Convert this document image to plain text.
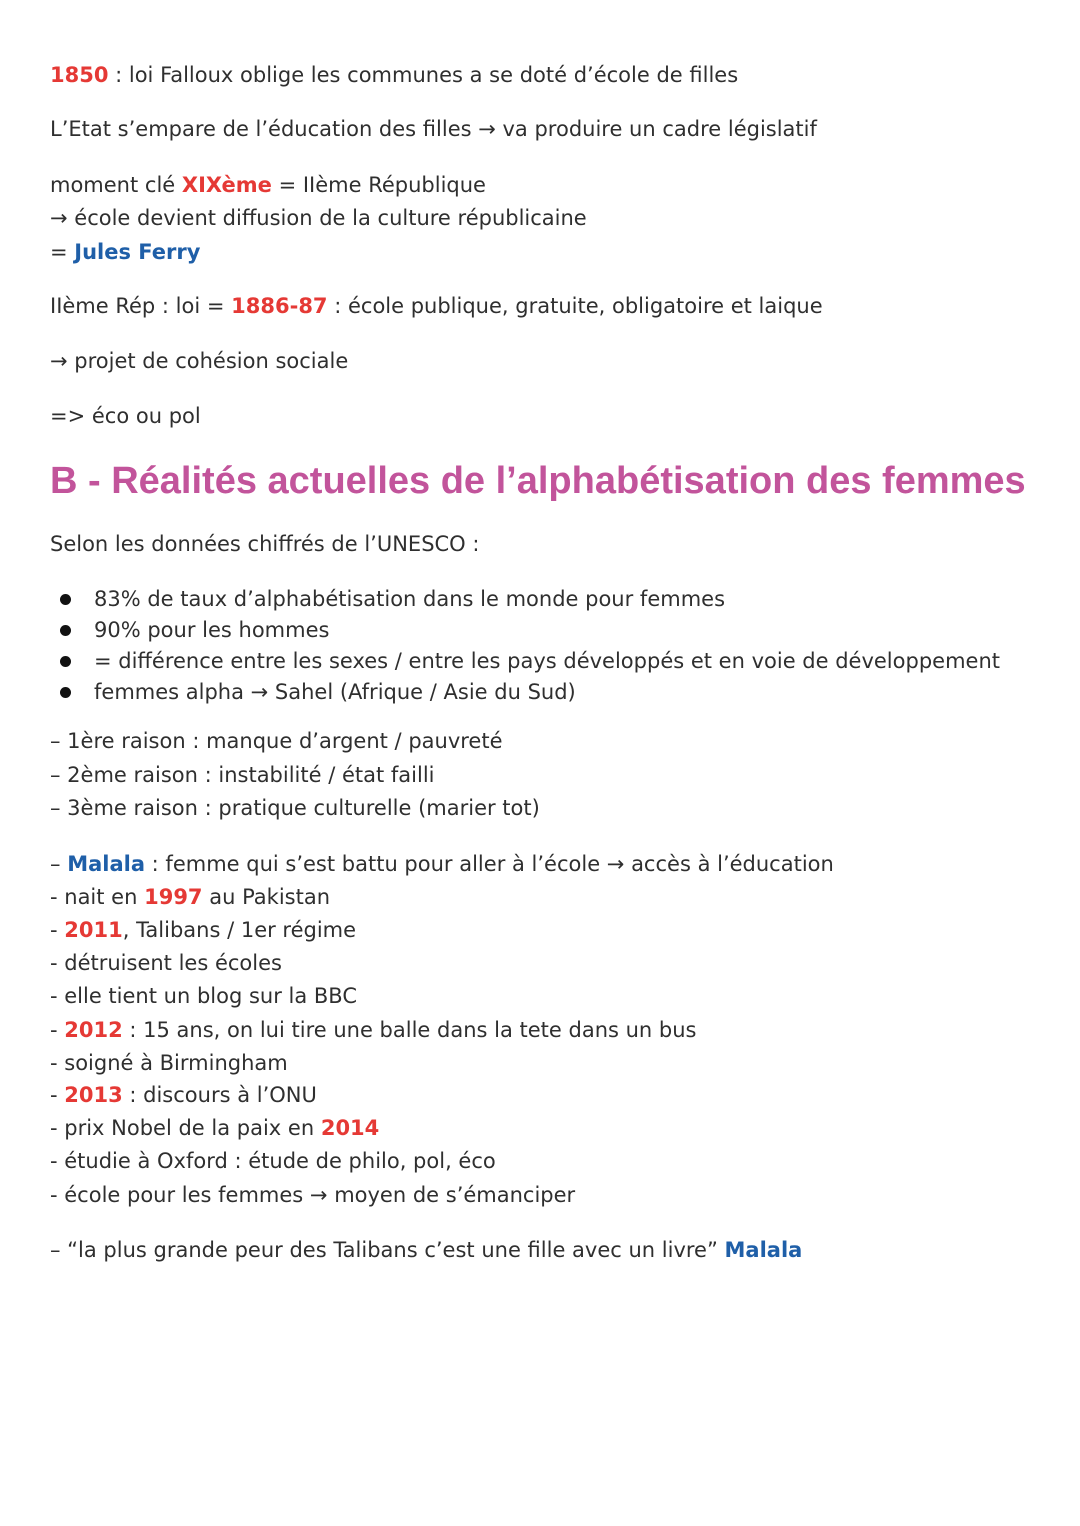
1850 : loi Falloux oblige les communes a se doté d’école de filles
L’Etat s’empare de l’éducation des filles → va produire un cadre législatif
moment clé XIXème = IIème République
→ école devient diffusion de la culture républicaine
= Jules Ferry
IIème Rép : loi = 1886-87 : école publique, gratuite, obligatoire et laique
→ projet de cohésion sociale
=> éco ou pol
B - Réalités actuelles de l’alphabétisation des femmes
Selon les données chiffrés de l’UNESCO :
83% de taux d’alphabétisation dans le monde pour femmes
90% pour les hommes
= différence entre les sexes / entre les pays développés et en voie de développement
femmes alpha → Sahel (Afrique / Asie du Sud)
– 1ère raison : manque d’argent / pauvreté
– 2ème raison : instabilité / état failli
– 3ème raison : pratique culturelle (marier tot)
– Malala : femme qui s’est battu pour aller à l’école → accès à l’éducation
- nait en 1997 au Pakistan
- 2011, Talibans / 1er régime
- détruisent les écoles
- elle tient un blog sur la BBC
- 2012 : 15 ans, on lui tire une balle dans la tete dans un bus
- soigné à Birmingham
- 2013 : discours à l’ONU
- prix Nobel de la paix en 2014
- étudie à Oxford : étude de philo, pol, éco
- école pour les femmes → moyen de s’émanciper
– “la plus grande peur des Talibans c’est une fille avec un livre” Malala
